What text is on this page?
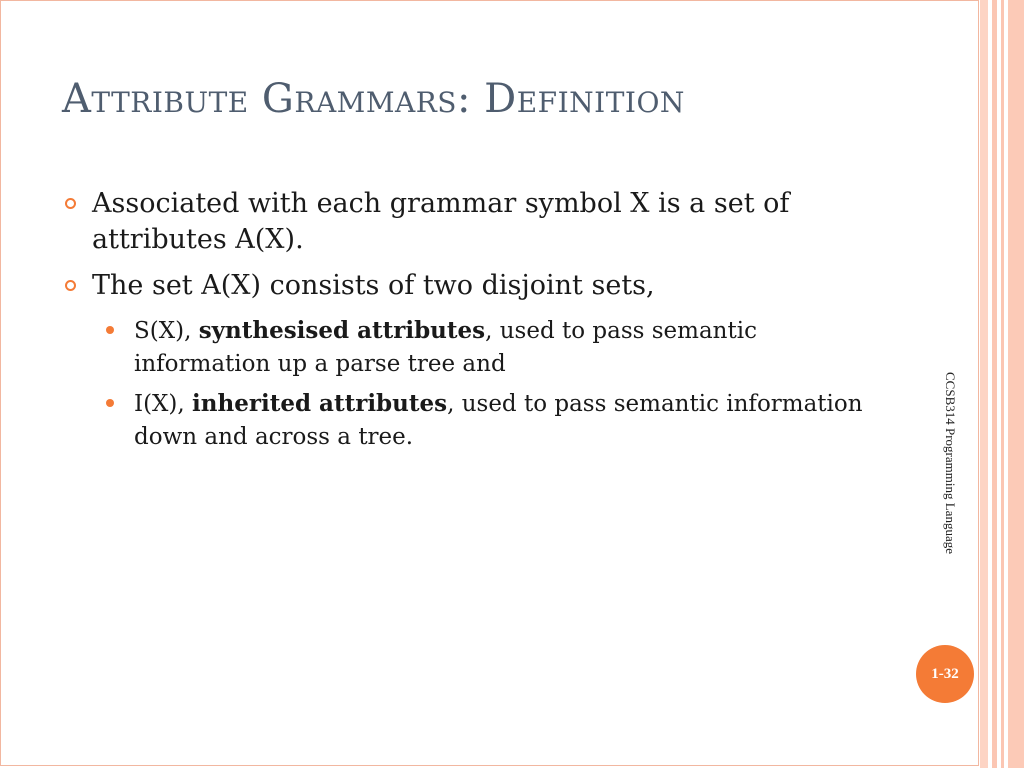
Attribute Grammars: Definition
Associated with each grammar symbol X is a set of attributes A(X).
The set A(X) consists of two disjoint sets,
S(X), synthesised attributes, used to pass semantic information up a parse tree and
I(X), inherited attributes, used to pass semantic information down and across a tree.	CCSB314 Programming Language
1-32
